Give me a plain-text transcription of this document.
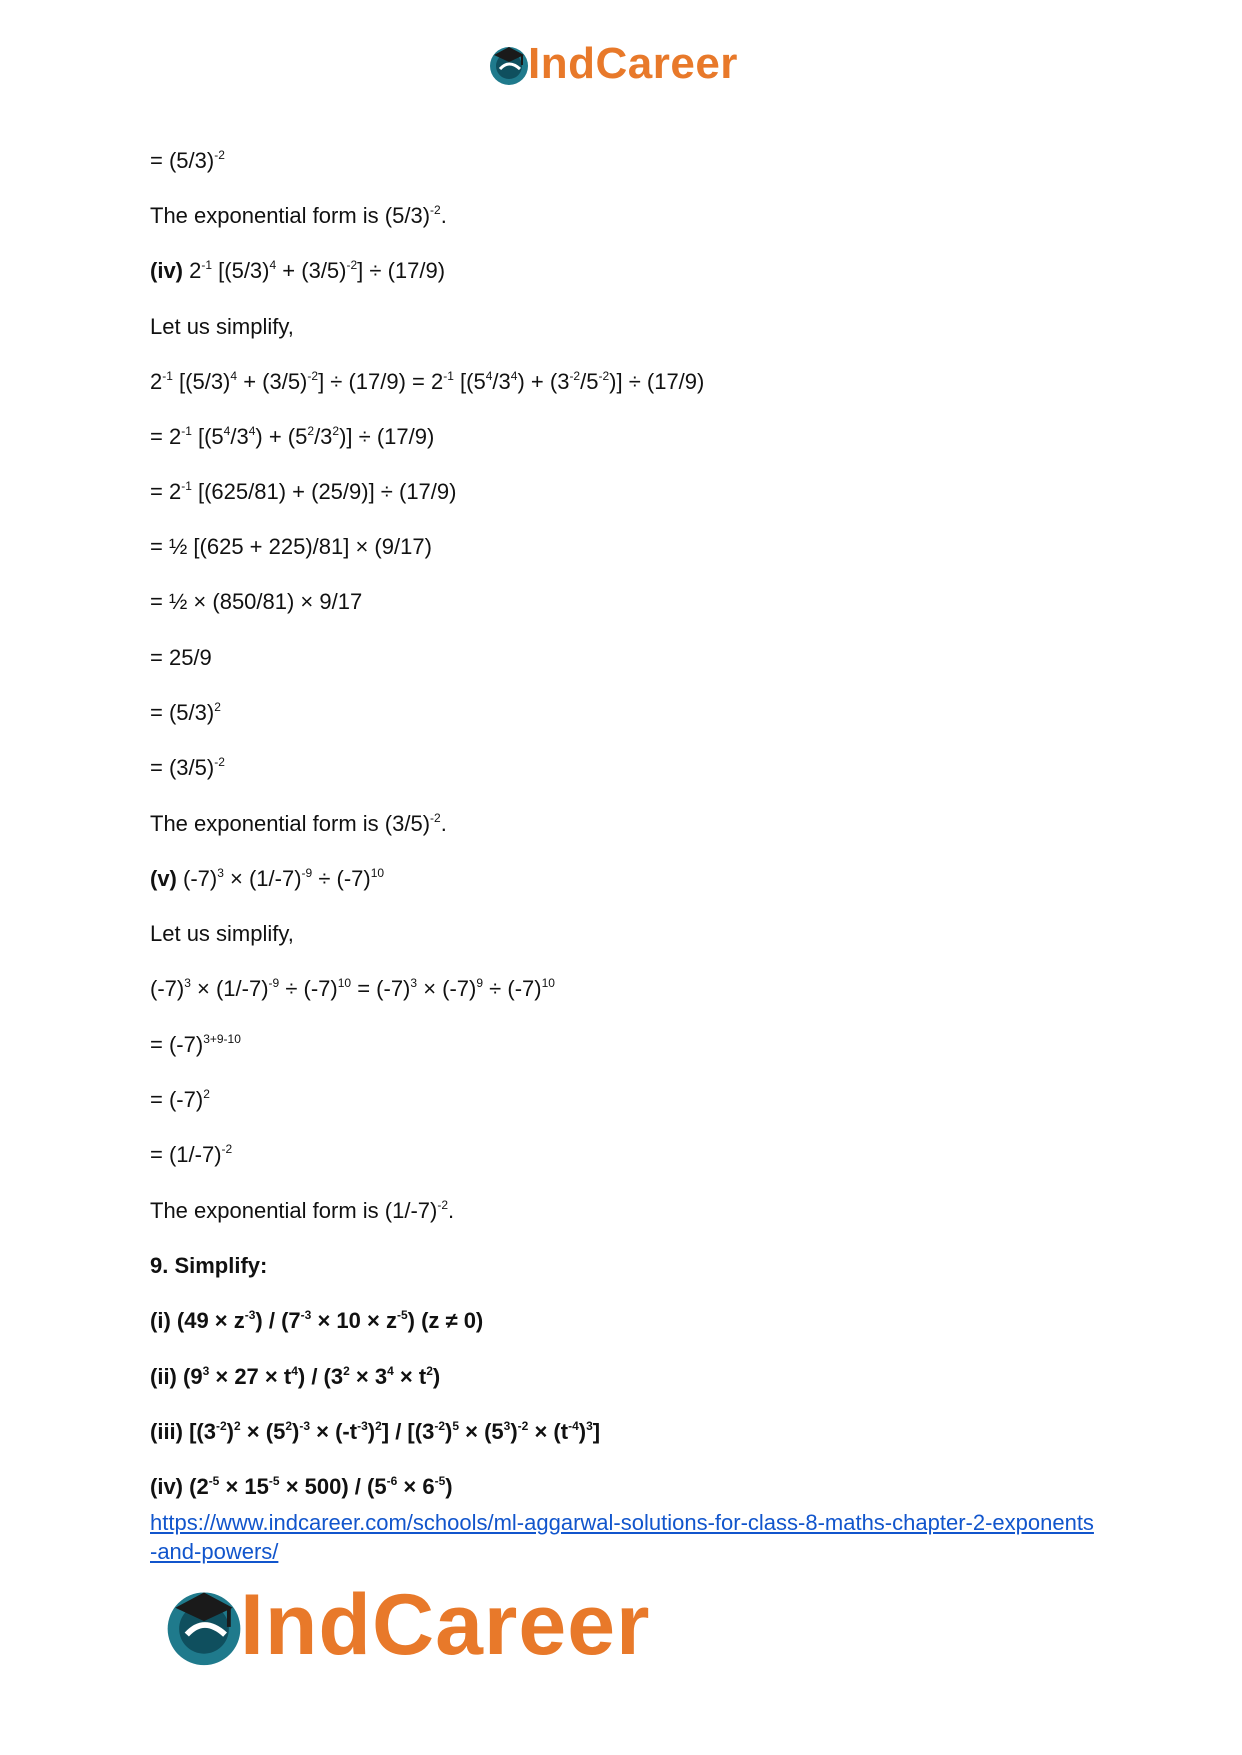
IndCareer
= $(5/3)^{-2}$
The exponential form is $(5/3)^{-2}$.
(iv) $2^{-1}$ $[(5/3)^4 + (3/5)^{-2}] \div (17/9)$
Let us simplify,
$2^{-1}$ $[(5/3)^4 + (3/5)^{-2}] \div (17/9) = 2^{-1}$ $[(5^4/3^4) + (3^{-2}/5^{-2})] \div (17/9)$
= $2^{-1}$ $[(5^4/3^4) + (5^2/3^2)] \div (17/9)$
= $2^{-1}$ [(625/81) + (25/9)] ÷ (17/9)
= ½ [(625 + 225)/81] × (9/17)
= ½ × (850/81) × 9/17
= 25/9
= $(5/3)^2$
= $(3/5)^{-2}$
The exponential form is $(3/5)^{-2}$.
(v) $(-7)^3 \times (1/-7)^{-9} \div (-7)^{10}$
Let us simplify,
$(-7)^3 \times (1/-7)^{-9} \div (-7)^{10} = (-7)^3 \times (-7)^9 \div (-7)^{10}$
= $(-7)^{3+9-10}$
= $(-7)^2$
= $(1/-7)^{-2}$
The exponential form is $(1/-7)^{-2}$.
9. Simplify:
(i) $(49 \times z^{-3}) / (7^{-3} \times 10 \times z^{-5})$ (z ≠ 0)
(ii) $(9^3 \times 27 \times t^4) / (3^2 \times 3^4 \times t^2)$
(iii) $[(3^{-2})^2 \times (5^2)^{-3} \times (-t^{-3})^2] / [(3^{-2})^5 \times (5^3)^{-2} \times (t^{-4})^3]$
(iv) $(2^{-5} \times 15^{-5} \times 500) / (5^{-6} \times 6^{-5})$
https://www.indcareer.com/schools/ml-aggarwal-solutions-for-class-8-maths-chapter-2-exponents-and-powers/
IndCareer
